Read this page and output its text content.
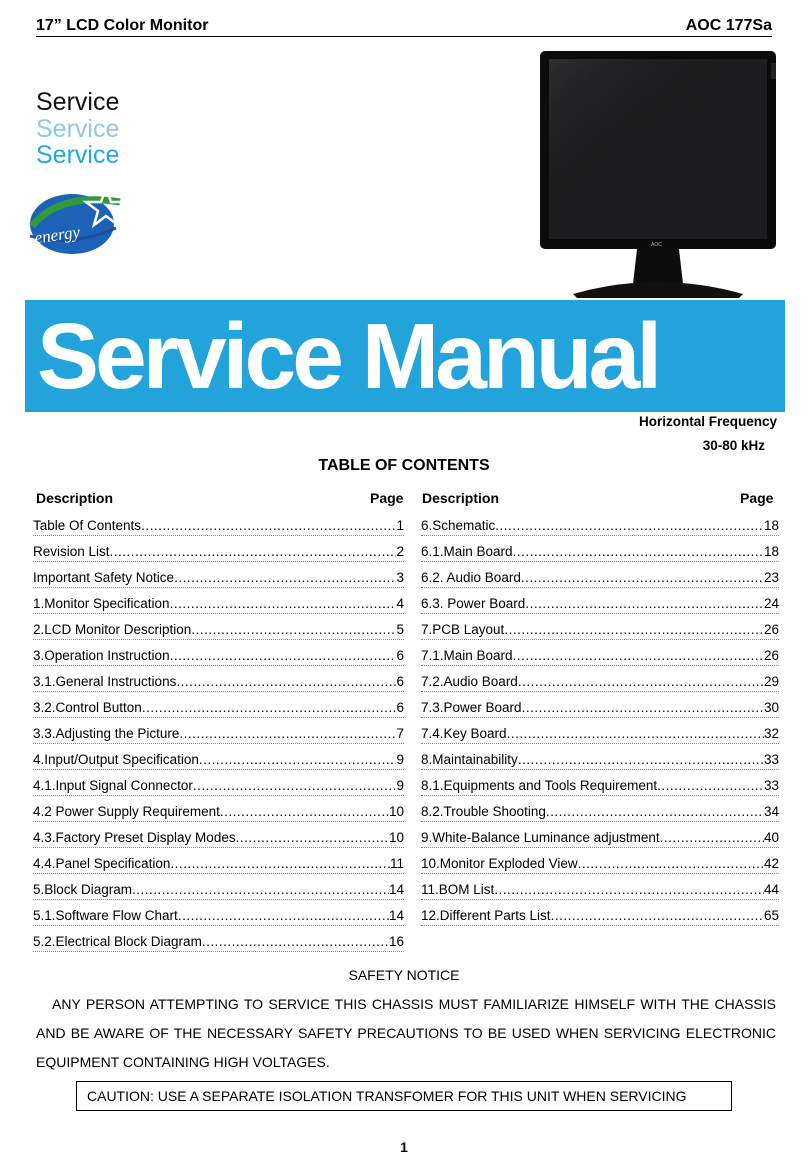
17” LCD Color Monitor	AOC 177Sa
Service
Service
Service
energy	AOC
Service Manual
Horizontal Frequency
30-80 kHz
TABLE OF CONTENTS
Description	Page Description	Page
Table Of Contents .....	1
Revision List .....	2
Important Safety Notice .....	3
1.Monitor Specification .....	4
2.LCD Monitor Description .....	5
3.Operation Instruction .....	6
3.1.General Instructions .....	6
3.2.Control Button .....	6
3.3.Adjusting the Picture .....	7
4.Input/Output Specification .....	9
4.1.Input Signal Connector .....	9
4.2 Power Supply Requirement .....	10
4.3.Factory Preset Display Modes .....	10
4.4.Panel Specification .....	11
5.Block Diagram .....	14
5.1.Software Flow Chart .....	14
5.2.Electrical Block Diagram .....	16
6.Schematic .....	18
6.1.Main Board .....	18
6.2. Audio Board .....	23
6.3. Power Board .....	24
7.PCB Layout .....	26
7.1.Main Board .....	26
7.2.Audio Board .....	29
7.3.Power Board .....	30
7.4.Key Board .....	32
8.Maintainability .....	33
8.1.Equipments and Tools Requirement .....	33
8.2.Trouble Shooting .....	34
9.White-Balance Luminance adjustment .....	40
10.Monitor Exploded View .....	42
11.BOM List .....	44
12.Different Parts List .....	65
SAFETY NOTICE
ANY PERSON ATTEMPTING TO SERVICE THIS CHASSIS MUST FAMILIARIZE HIMSELF WITH THE CHASSIS AND BE AWARE OF THE NECESSARY SAFETY PRECAUTIONS TO BE USED WHEN SERVICING ELECTRONIC EQUIPMENT CONTAINING HIGH VOLTAGES.
CAUTION: USE A SEPARATE ISOLATION TRANSFOMER FOR THIS UNIT WHEN SERVICING
1
